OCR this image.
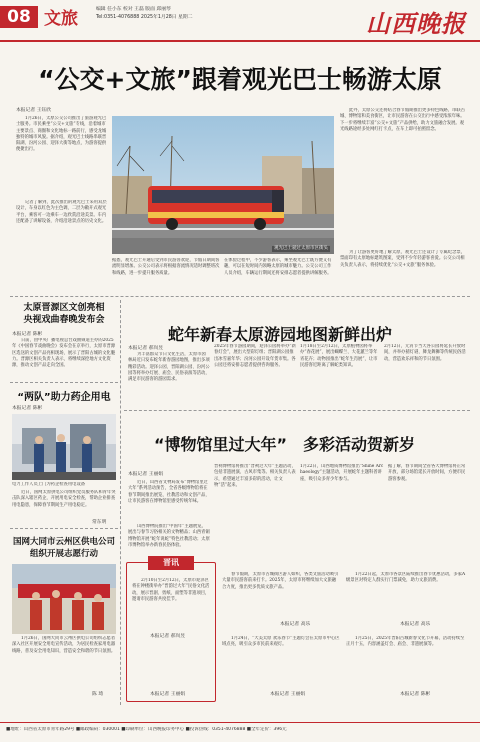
08 文旅	编辑 任小东 校对 王磊 版面 邱丽琴
Tel:0351-4076888 2025年1月28日 星期二	山西晚报
“公交+文旅”跟着观光巴士畅游太原
本报记者 王钰欣
1月26日，太原公交公司推出了旅游观光巴士服务。市民乘坐“公交+文旅”专线，沿着城市主要景点、商圈和文化地标一路前行，感受龙城独特的城市风貌。据介绍，观光巴士线路串联晋阳湖、汾河公园、迎泽大街等地点，为游客提供便捷出行。
记者了解到，此次推出的观光巴士采用双层设计，车身以红色为主色调，二层为敞开式观光平台，乘客可一边乘车一边欣赏沿途美景。车内还配备了讲解设备，介绍沿途景点的历史文化。
观光巴士驶过太原市区街头
据悉，观光巴士开通后受到市民游客欢迎，节假日期间客流明显增加。公交公司表示将根据客流情况适时调整班次和线路，进一步提升服务质量。
在体验过程中，不少游客表示，乘坐观光巴士既方便又有趣，可以在短时间内领略太原的城市魅力。公交公司工作人员介绍，车辆运行期间还将安排志愿者提供讲解服务。
此外，太原公交还将结合春节假期推出更多特色线路，串联古城、博物馆和美食街区，让市民游客在公交出行中感受浓浓年味。下一步将继续丰富“公交+文旅”产品供给，助力文旅融合发展。观光线路途经多处网红打卡点，在车上即可拍照留念。
为了让游客更好地了解太原，观光巴士还设计了专属纪念票，票面印有太原地标建筑图案，受到不少年轻游客喜爱。公交公司相关负责人表示，将持续优化“公交+文旅”服务体验。
太原晋源区文创亮相
央视戏曲春晚发布会
本报记者 陈彬
日前，由中央广播电视总台戏曲频道主办的2025年《中国春节戏曲晚会》发布会在京举行，太原市晋源区选送的文创产品亮相现场，展示了晋阳古城的文化魅力。晋源区相关负责人表示，将继续深挖地方文化资源，推动文创产品走向全国。
“两队”助力药企用电
本报记者 陈彬
电力工作人员上门为药企检查用电设备
近日，国网太原供电公司组织党员服务队和青年突击队深入辖区药企，开展用电安全检查，帮助企业排查用电隐患，保障春节期间生产用电稳定。
常东明
国网大同市云州区供电公司
组织开展志愿行动
1月26日，国网大同市云州区供电公司组织志愿者深入社区开展安全用电宣传活动，为居民检查家用电器线路，普及安全用电知识，营造安全和谐的节日氛围。
陈 琦
蛇年新春太原游园地图新鲜出炉
本报记者 郝岚昱
为丰富群众节日文化生活，太原市园林局近日发布蛇年新春游园地图，推出多项精彩活动。迎泽公园、晋阳湖公园、汾河公园等将举办灯展、庙会、民俗表演等活动，满足市民游客的游园需求。
2025年春节游园期间，迎泽公园将举办“新春灯会”，展出大型彩灯组；晋阳湖公园推出冰雪嘉年华；汾河公园开设年货市集。各公园还将安排志愿者提供咨询服务。
1月18日至2月12日，太原植物园将举办“春花展”，展出蝴蝶兰、大花蕙兰等年宵花卉；动物园推出“蛇年生肖展”，让市民游客近距离了解蛇类知识。
2月12日，元宵节当天各公园将延长开放时间，并举办猜灯谜、舞龙舞狮等传统民俗活动，营造欢乐祥和的节日氛围。
“博物馆里过大年”　多彩活动贺新岁
本报记者 王丽娟
近日，山西省文物局发布“博物馆里过大年”系列活动预告，全省各级博物馆将在春节期间推出展览、社教活动和文创产品，让市民游客在博物馆里感受传统年味。
山西博物院推出“中国年”主题展览，展出与春节习俗相关的文物精品；山西青铜博物馆开展“蛇年说蛇”特色社教活动；太原市博物馆举办新春民俗体验。
晋祠博物馆将推出“晋祠过大年”主题活动，包括非遗展演、古风市集等。相关负责人表示，希望通过丰富多彩的活动，让文物“活”起来。
1月22日，山西地质博物馆推出“Shine Archaeology”主题活动，开展蛇年主题科普讲座，吸引众多青少年参与。
据了解，春节期间全省各大博物馆将正常开放，部分场馆延长开放时间，方便市民游客参观。
晋讯
2月10日至2月12日，太原市迎泽区将在钟楼街举办“晋韵过大年”民俗文化活动，展示晋剧、剪纸、面塑等非遗项目，邀请市民游客共度佳节。
本报记者 郝岚昱
本报记者 王丽娟
春节假期，太原市古城街区游人如织，各类文旅活动吸引大量市民游客前来打卡。2025年，太原市将继续加大文旅融合力度，推出更多优质文旅产品。
本报记者 高乐
1月24日，“大美太原 欢乐春节”主题灯会在太原市中心区域点亮，吸引众多市民前来观灯。
本报记者 王丽娟
1月22日起，太原市各景区陆续推出春节优惠活动，多家A级景区对特定人群实行门票减免，助力文旅消费。
本报记者 高乐
1月25日，2025年晋阳古城新春文化节开幕，活动持续至正月十五，内容涵盖灯会、庙会、非遗展演等。
本报记者 陈彬
■地址：山西省太原市青年路29号 ■邮政编码：030001 ■印刷单位：山西晚报印务中心 ■投诉热线：0351-4076888 ■全年定价：396元
